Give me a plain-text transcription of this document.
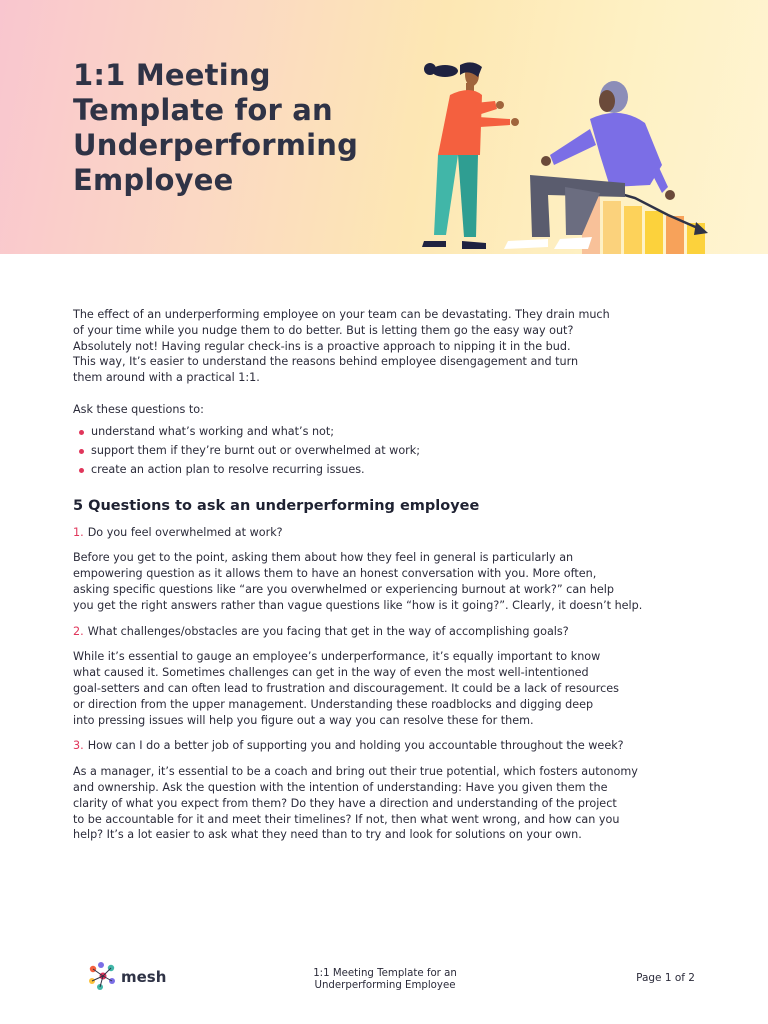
1:1 Meeting
Template for an
Underperforming
Employee

The effect of an underperforming employee on your team can be devastating. They drain much
of your time while you nudge them to do better. But is letting them go the easy way out?
Absolutely not! Having regular check-ins is a proactive approach to nipping it in the bud.
This way, It’s easier to understand the reasons behind employee disengagement and turn
them around with a practical 1:1.

Ask these questions to:

understand what’s working and what’s not;
support them if they’re burnt out or overwhelmed at work;
create an action plan to resolve recurring issues.
5 Questions to ask an underperforming employee

1. Do you feel overwhelmed at work?

Before you get to the point, asking them about how they feel in general is particularly an
empowering question as it allows them to have an honest conversation with you. More often,
asking specific questions like “are you overwhelmed or experiencing burnout at work?” can help
you get the right answers rather than vague questions like “how is it going?”. Clearly, it doesn’t help.

2. What challenges/obstacles are you facing that get in the way of accomplishing goals?

While it’s essential to gauge an employee’s underperformance, it’s equally important to know
what caused it. Sometimes challenges can get in the way of even the most well-intentioned
goal-setters and can often lead to frustration and discouragement. It could be a lack of resources
or direction from the upper management. Understanding these roadblocks and digging deep
into pressing issues will help you figure out a way you can resolve these for them.

3. How can I do a better job of supporting you and holding you accountable throughout the week?

As a manager, it’s essential to be a coach and bring out their true potential, which fosters autonomy
and ownership. Ask the question with the intention of understanding: Have you given them the
clarity of what you expect from them? Do they have a direction and understanding of the project
to be accountable for it and meet their timelines? If not, then what went wrong, and how can you
help? It’s a lot easier to ask what they need than to try and look for solutions on your own.

mesh	1:1 Meeting Template for an
Underperforming Employee
Page 1 of 2
